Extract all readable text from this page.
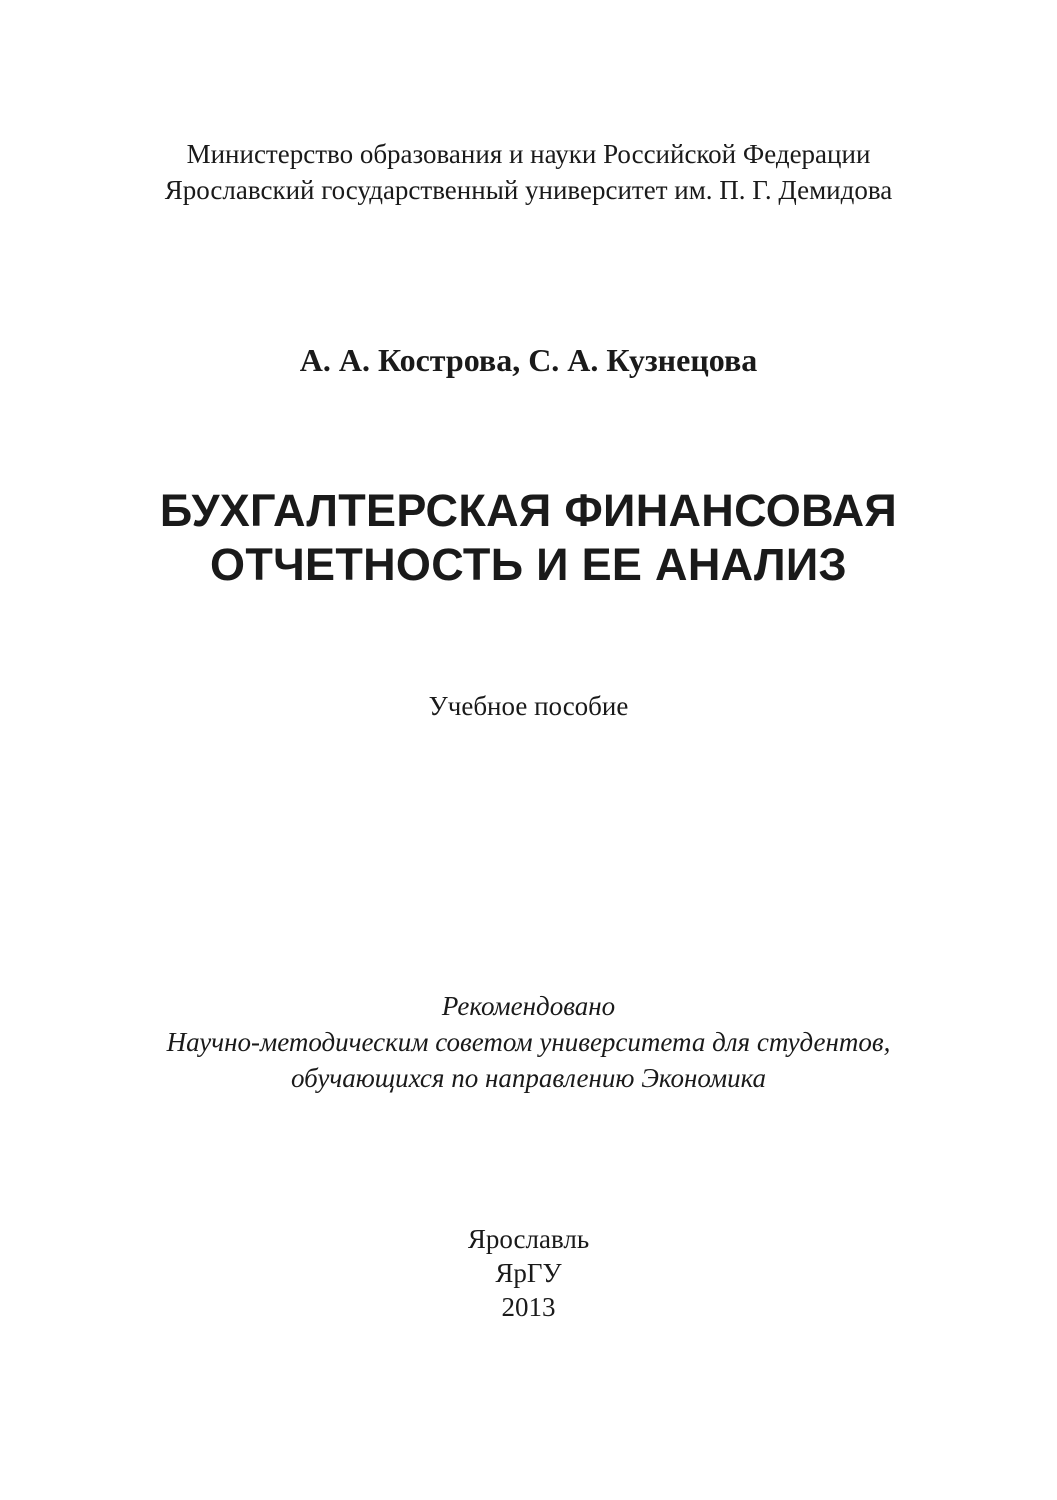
Министерство образования и науки Российской Федерации
Ярославский государственный университет им. П. Г. Демидова
А. А. Кострова, С. А. Кузнецова
БУХГАЛТЕРСКАЯ ФИНАНСОВАЯ
ОТЧЕТНОСТЬ И ЕЕ АНАЛИЗ
Учебное пособие
Рекомендовано
Научно-методическим советом университета для студентов,
обучающихся по направлению Экономика
Ярославль
ЯрГУ
2013
